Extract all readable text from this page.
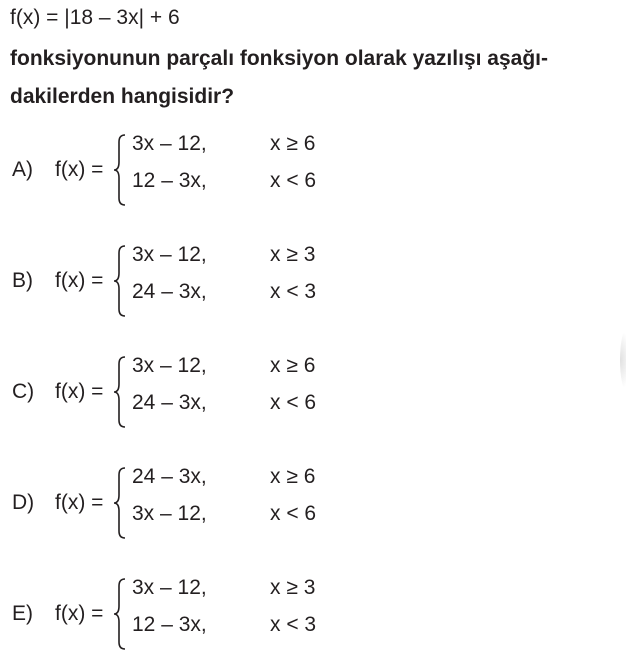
f(x) = |18 – 3x| + 6
fonksiyonunun parçalı fonksiyon olarak yazılışı aşağı-
dakilerden hangisidir?
A) f(x) =
3x – 12,	x ≥ 6
12 – 3x,	x < 6
B) f(x) =
3x – 12,	x ≥ 3
24 – 3x,	x < 3
C) f(x) =
3x – 12,	x ≥ 6
24 – 3x,	x < 6
D) f(x) =
24 – 3x,	x ≥ 6
3x – 12,	x < 6
E) f(x) =
3x – 12,	x ≥ 3
12 – 3x,	x < 3
